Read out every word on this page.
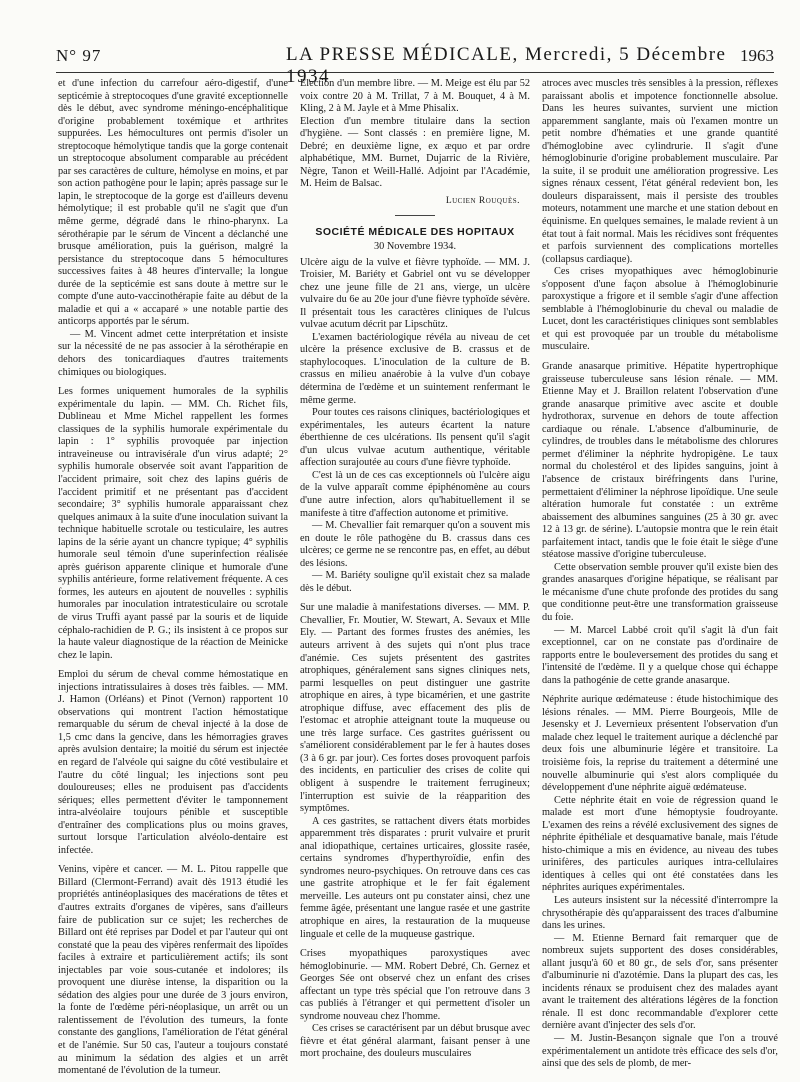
N° 97	LA PRESSE MÉDICALE, Mercredi, 5 Décembre 1934
1963

et d'une infection du carrefour aéro-digestif, d'une septicémie à streptocoques d'une gravité exceptionnelle dès le début, avec syndrome méningo-encéphalitique d'origine probablement toxémique et arthrites suppurées. Les hémocultures ont permis d'isoler un streptocoque hémolytique tandis que la gorge contenait un streptocoque absolument comparable au précédent par ses caractères de culture, hémolyse en moins, et par son action pathogène pour le lapin; après passage sur le lapin, le streptocoque de la gorge est d'ailleurs devenu hémolytique; il est probable qu'il ne s'agit que d'un même germe, dégradé dans le rhino-pharynx. La sérothérapie par le sérum de Vincent a déclanché une brusque amélioration, puis la guérison, malgré la persistance du streptocoque dans 5 hémocultures successives faites à 48 heures d'intervalle; la longue durée de la septicémie est sans doute à mettre sur le compte d'une auto-vaccinothérapie faite au début de la maladie et qui a « accaparé » une notable partie des anticorps apportés par le sérum.

— M. Vincent admet cette interprétation et insiste sur la nécessité de ne pas associer à la sérothérapie en dehors des tonicardiaques d'autres traitements chimiques ou biologiques.

Les formes uniquement humorales de la syphilis expérimentale du lapin. — MM. Ch. Richet fils, Dublineau et Mme Michel rappellent les formes classiques de la syphilis humorale expérimentale du lapin : 1° syphilis provoquée par injection intraveineuse ou intravisérale d'un virus adapté; 2° syphilis humorale observée soit avant l'apparition de l'accident primaire, soit chez des lapins guéris de l'accident primitif et ne présentant pas d'accident secondaire; 3° syphilis humorale apparaissant chez quelques animaux à la suite d'une inoculation suivant la technique habituelle scrotale ou testiculaire, les autres lapins de la série ayant un chancre typique; 4° syphilis humorale seul témoin d'une superinfection réalisée après guérison apparente clinique et humorale d'une syphilis antérieure, forme relativement fréquente. A ces formes, les auteurs en ajoutent de nouvelles : syphilis humorales par inoculation intratesticulaire ou scrotale de virus Truffi ayant passé par la souris et de liquide céphalo-rachidien de P. G.; ils insistent à ce propos sur la haute valeur diagnostique de la réaction de Meinicke chez le lapin.

Emploi du sérum de cheval comme hémostatique en injections intratissulaires à doses très faibles. — MM. J. Hamon (Orléans) et Pinot (Vernon) rapportent 10 observations qui montrent l'action hémostatique remarquable du sérum de cheval injecté à la dose de 1,5 cmc dans la gencive, dans les hémorragies graves après avulsion dentaire; la moitié du sérum est injectée en regard de l'alvéole qui saigne du côté vestibulaire et l'autre du côté lingual; les injections sont peu douloureuses; elles ne produisent pas d'accidents sériques; elles permettent d'éviter le tamponnement intra-alvéolaire toujours pénible et susceptible d'entraîner des complications plus ou moins graves, surtout lorsque l'articulation alvéolo-dentaire est infectée.

Venins, vipère et cancer. — M. L. Pitou rappelle que Billard (Clermont-Ferrand) avait dès 1913 étudié les propriétés antinéoplasiques des macérations de têtes et d'autres extraits d'organes de vipères, sans d'ailleurs faire de publication sur ce sujet; les recherches de Billard ont été reprises par Dodel et par l'auteur qui ont constaté que la peau des vipères renfermait des lipoïdes faciles à extraire et particulièrement actifs; ils sont injectables par voie sous-cutanée et indolores; ils provoquent une diurèse intense, la disparition ou la sédation des algies pour une durée de 3 jours environ, la fonte de l'œdème péri-néoplasique, un arrêt ou un ralentissement de l'évolution des tumeurs, la fonte constante des ganglions, l'amélioration de l'état général et de l'anémie. Sur 50 cas, l'auteur a toujours constaté au minimum la sédation des algies et un arrêt momentané de l'évolution de la tumeur.

Election d'un membre libre. — M. Meige est élu par 52 voix contre 20 à M. Trillat, 7 à M. Bouquet, 4 à M. Kling, 2 à M. Jayle et à Mme Phisalix.

Election d'un membre titulaire dans la section d'hygiène. — Sont classés : en première ligne, M. Debré; en deuxième ligne, ex æquo et par ordre alphabétique, MM. Burnet, Dujarric de la Rivière, Nègre, Tanon et Weill-Hallé. Adjoint par l'Académie, M. Heim de Balsac.

Lucien Rouquès.

SOCIÉTÉ MÉDICALE DES HOPITAUX
30 Novembre 1934.

Ulcère aigu de la vulve et fièvre typhoïde. — MM. J. Troisier, M. Bariéty et Gabriel ont vu se développer chez une jeune fille de 21 ans, vierge, un ulcère vulvaire du 6e au 20e jour d'une fièvre typhoïde sévère. Il présentait tous les caractères cliniques de l'ulcus vulvae acutum décrit par Lipschütz.

L'examen bactériologique révéla au niveau de cet ulcère la présence exclusive de B. crassus et de staphylocoques. L'inoculation de la culture de B. crassus en milieu anaérobie à la vulve d'un cobaye détermina de l'œdème et un suintement renfermant le même germe.

Pour toutes ces raisons cliniques, bactériologiques et expérimentales, les auteurs écartent la nature éberthienne de ces ulcérations. Ils pensent qu'il s'agit d'un ulcus vulvae acutum authentique, véritable affection surajoutée au cours d'une fièvre typhoïde.

C'est là un de ces cas exceptionnels où l'ulcère aigu de la vulve apparaît comme épiphénomène au cours d'une autre infection, alors qu'habituellement il se manifeste à titre d'affection autonome et primitive.

— M. Chevallier fait remarquer qu'on a souvent mis en doute le rôle pathogène du B. crassus dans ces ulcères; ce germe ne se rencontre pas, en effet, au début des lésions.

— M. Bariéty souligne qu'il existait chez sa malade dès le début.

Sur une maladie à manifestations diverses. — MM. P. Chevallier, Fr. Moutier, W. Stewart, A. Sevaux et Mlle Ely. — Partant des formes frustes des anémies, les auteurs arrivent à des sujets qui n'ont plus trace d'anémie. Ces sujets présentent des gastrites atrophiques, généralement sans signes cliniques nets, parmi lesquelles on peut distinguer une gastrite atrophique en aires, à type bicamérien, et une gastrite atrophique diffuse, avec effacement des plis de l'estomac et atrophie atteignant toute la muqueuse ou une très large surface. Ces gastrites guérissent ou s'améliorent considérablement par le fer à hautes doses (3 à 6 gr. par jour). Ces fortes doses provoquent parfois des incidents, en particulier des crises de colite qui obligent à suspendre le traitement ferrugineux; l'interruption est suivie de la réapparition des symptômes.

A ces gastrites, se rattachent divers états morbides apparemment très disparates : prurit vulvaire et prurit anal idiopathique, certaines urticaires, glossite rasée, certains syndromes d'hyperthyroïdie, enfin des syndromes neuro-psychiques. On retrouve dans ces cas une gastrite atrophique et le fer fait également merveille. Les auteurs ont pu constater ainsi, chez une femme âgée, présentant une langue rasée et une gastrite atrophique en aires, la restauration de la muqueuse linguale et celle de la muqueuse gastrique.

Crises myopathiques paroxystiques avec hémoglobinurie. — MM. Robert Debré, Ch. Gernez et Georges Sée ont observé chez un enfant des crises affectant un type très spécial que l'on retrouve dans 3 cas publiés à l'étranger et qui permettent d'isoler un syndrome nouveau chez l'homme.

Ces crises se caractérisent par un début brusque avec fièvre et état général alarmant, faisant penser à une mort prochaine, des douleurs musculaires

atroces avec muscles très sensibles à la pression, réflexes paraissant abolis et impotence fonctionnelle absolue. Dans les heures suivantes, survient une miction apparemment sanglante, mais où l'examen montre un petit nombre d'hématies et une grande quantité d'hémoglobine avec cylindrurie. Il s'agit d'une hémoglobinurie d'origine probablement musculaire. Par la suite, il se produit une amélioration progressive. Les signes rénaux cessent, l'état général redevient bon, les douleurs disparaissent, mais il persiste des troubles moteurs, notamment une marche et une station debout en équinisme. En quelques semaines, le malade revient à un état tout à fait normal. Mais les récidives sont fréquentes et parfois surviennent des complications mortelles (collapsus cardiaque).

Ces crises myopathiques avec hémoglobinurie s'opposent d'une façon absolue à l'hémoglobinurie paroxystique a frigore et il semble s'agir d'une affection semblable à l'hémoglobinurie du cheval ou maladie de Lucet, dont les caractéristiques cliniques sont semblables et qui est provoquée par un trouble du métabolisme musculaire.

Grande anasarque primitive. Hépatite hypertrophique graisseuse tuberculeuse sans lésion rénale. — MM. Etienne May et J. Braillon relatent l'observation d'une grande anasarque primitive avec ascite et double hydrothorax, survenue en dehors de toute affection cardiaque ou rénale. L'absence d'albuminurie, de cylindres, de troubles dans le métabolisme des chlorures permet d'éliminer la néphrite hydropigène. Le taux normal du cholestérol et des lipides sanguins, joint à l'absence de cristaux biréfringents dans l'urine, permettaient d'éliminer la néphrose lipoïdique. Une seule altération humorale fut constatée : un extrême abaissement des albumines sanguines (25 à 30 gr. avec 12 à 13 gr. de sérine). L'autopsie montra que le rein était parfaitement intact, tandis que le foie était le siège d'une stéatose massive d'origine tuberculeuse.

Cette observation semble prouver qu'il existe bien des grandes anasarques d'origine hépatique, se réalisant par le mécanisme d'une chute profonde des protides du sang que conditionne peut-être une transformation graisseuse du foie.

— M. Marcel Labbé croit qu'il s'agit là d'un fait exceptionnel, car on ne constate pas d'ordinaire de rapports entre le bouleversement des protides du sang et l'intensité de l'œdème. Il y a quelque chose qui échappe dans la pathogénie de cette grande anasarque.

Néphrite aurique œdémateuse : étude histochimique des lésions rénales. — MM. Pierre Bourgeois, Mlle de Jesensky et J. Levernieux présentent l'observation d'un malade chez lequel le traitement aurique a déclenché par deux fois une albuminurie légère et transitoire. La troisième fois, la reprise du traitement a déterminé une nouvelle albuminurie qui s'est alors compliquée du développement d'une néphrite aiguë œdémateuse.

Cette néphrite était en voie de régression quand le malade est mort d'une hémoptysie foudroyante. L'examen des reins a révélé exclusivement des signes de néphrite épithéliale et desquamative banale, mais l'étude histo-chimique a mis en évidence, au niveau des tubes urinifères, des particules auriques intra-cellulaires identiques à celles qui ont été constatées dans les néphrites auriques expérimentales.

Les auteurs insistent sur la nécessité d'interrompre la chrysothérapie dès qu'apparaissent des traces d'albumine dans les urines.

— M. Etienne Bernard fait remarquer que de nombreux sujets supportent des doses considérables, allant jusqu'à 60 et 80 gr., de sels d'or, sans présenter d'albuminurie ni d'azotémie. Dans la plupart des cas, les incidents rénaux se produisent chez des malades ayant avant le traitement des altérations légères de la fonction rénale. Il est donc recommandable d'explorer cette dernière avant d'injecter des sels d'or.

— M. Justin-Besançon signale que l'on a trouvé expérimentalement un antidote très efficace des sels d'or, ainsi que des sels de plomb, de mer-
